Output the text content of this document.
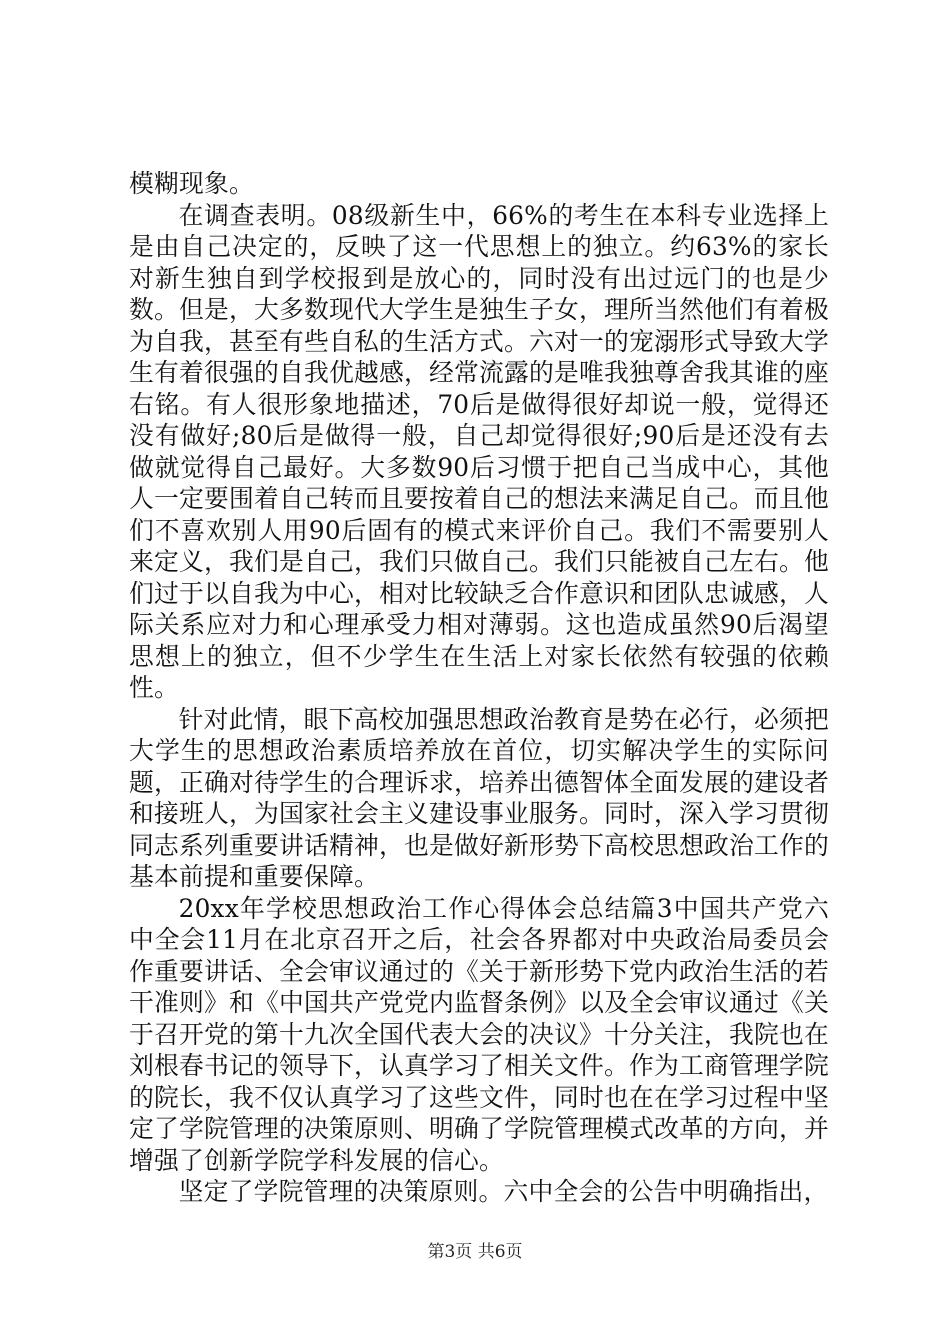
模糊现象。

在调查表明。08级新生中，66%的考生在本科专业选择上是由自己决定的，反映了这一代思想上的独立。约63%的家长对新生独自到学校报到是放心的，同时没有出过远门的也是少数。但是，大多数现代大学生是独生子女，理所当然他们有着极为自我，甚至有些自私的生活方式。六对一的宠溺形式导致大学生有着很强的自我优越感，经常流露的是唯我独尊舍我其谁的座右铭。有人很形象地描述，70后是做得很好却说一般，觉得还没有做好;80后是做得一般，自己却觉得很好;90后是还没有去做就觉得自己最好。大多数90后习惯于把自己当成中心，其他人一定要围着自己转而且要按着自己的想法来满足自己。而且他们不喜欢别人用90后固有的模式来评价自己。我们不需要别人来定义，我们是自己，我们只做自己。我们只能被自己左右。他们过于以自我为中心，相对比较缺乏合作意识和团队忠诚感，人际关系应对力和心理承受力相对薄弱。这也造成虽然90后渴望思想上的独立，但不少学生在生活上对家长依然有较强的依赖性。

针对此情，眼下高校加强思想政治教育是势在必行，必须把大学生的思想政治素质培养放在首位，切实解决学生的实际问题，正确对待学生的合理诉求，培养出德智体全面发展的建设者和接班人，为国家社会主义建设事业服务。同时，深入学习贯彻同志系列重要讲话精神，也是做好新形势下高校思想政治工作的基本前提和重要保障。

20xx年学校思想政治工作心得体会总结篇3中国共产党六中全会11月在北京召开之后，社会各界都对中央政治局委员会作重要讲话、全会审议通过的《关于新形势下党内政治生活的若干准则》和《中国共产党党内监督条例》以及全会审议通过《关于召开党的第十九次全国代表大会的决议》十分关注，我院也在刘根春书记的领导下，认真学习了相关文件。作为工商管理学院的院长，我不仅认真学习了这些文件，同时也在在学习过程中坚定了学院管理的决策原则、明确了学院管理模式改革的方向，并增强了创新学院学科发展的信心。

坚定了学院管理的决策原则。六中全会的公告中明确指出，

第3页 共6页
